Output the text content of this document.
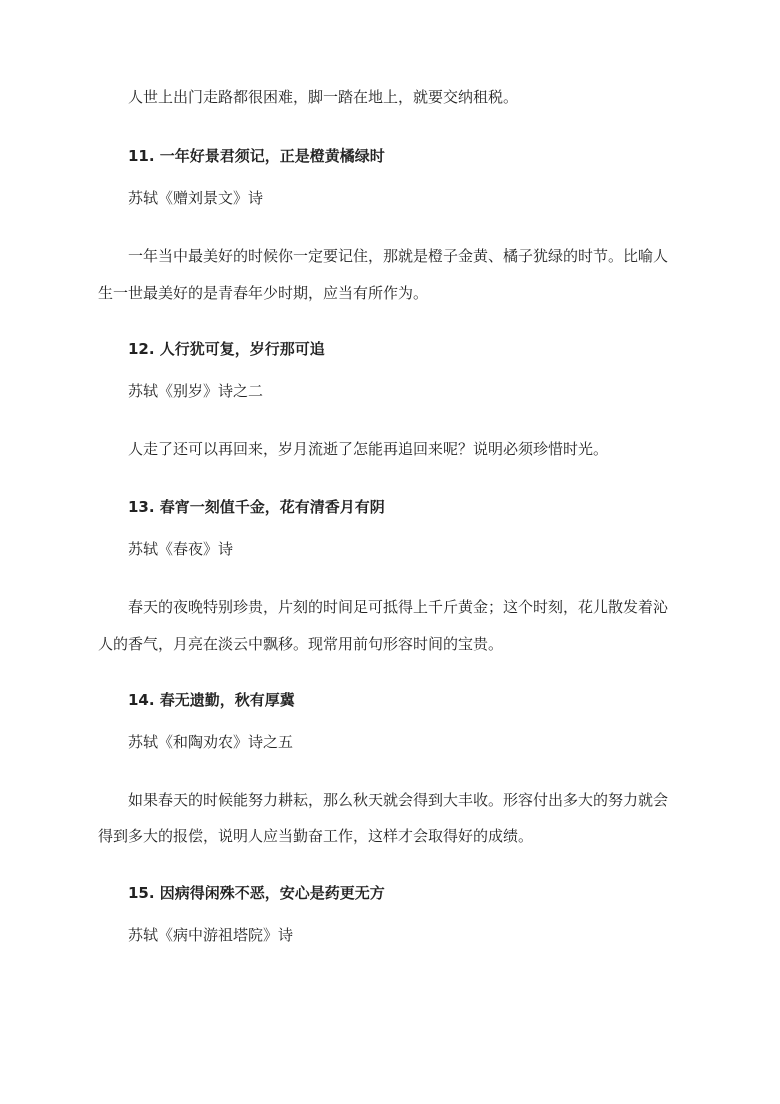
人世上出门走路都很困难，脚一踏在地上，就要交纳租税。

11. 一年好景君须记，正是橙黄橘绿时

苏轼《赠刘景文》诗

一年当中最美好的时候你一定要记住，那就是橙子金黄、橘子犹绿的时节。比喻人

生一世最美好的是青春年少时期，应当有所作为。

12. 人行犹可复，岁行那可追

苏轼《别岁》诗之二

人走了还可以再回来，岁月流逝了怎能再追回来呢？说明必须珍惜时光。

13. 春宵一刻值千金，花有清香月有阴

苏轼《春夜》诗

春天的夜晚特别珍贵，片刻的时间足可抵得上千斤黄金；这个时刻，花儿散发着沁

人的香气，月亮在淡云中飘移。现常用前句形容时间的宝贵。

14. 春无遗勤，秋有厚冀

苏轼《和陶劝农》诗之五

如果春天的时候能努力耕耘，那么秋天就会得到大丰收。形容付出多大的努力就会

得到多大的报偿，说明人应当勤奋工作，这样才会取得好的成绩。

15. 因病得闲殊不恶，安心是药更无方

苏轼《病中游祖塔院》诗
